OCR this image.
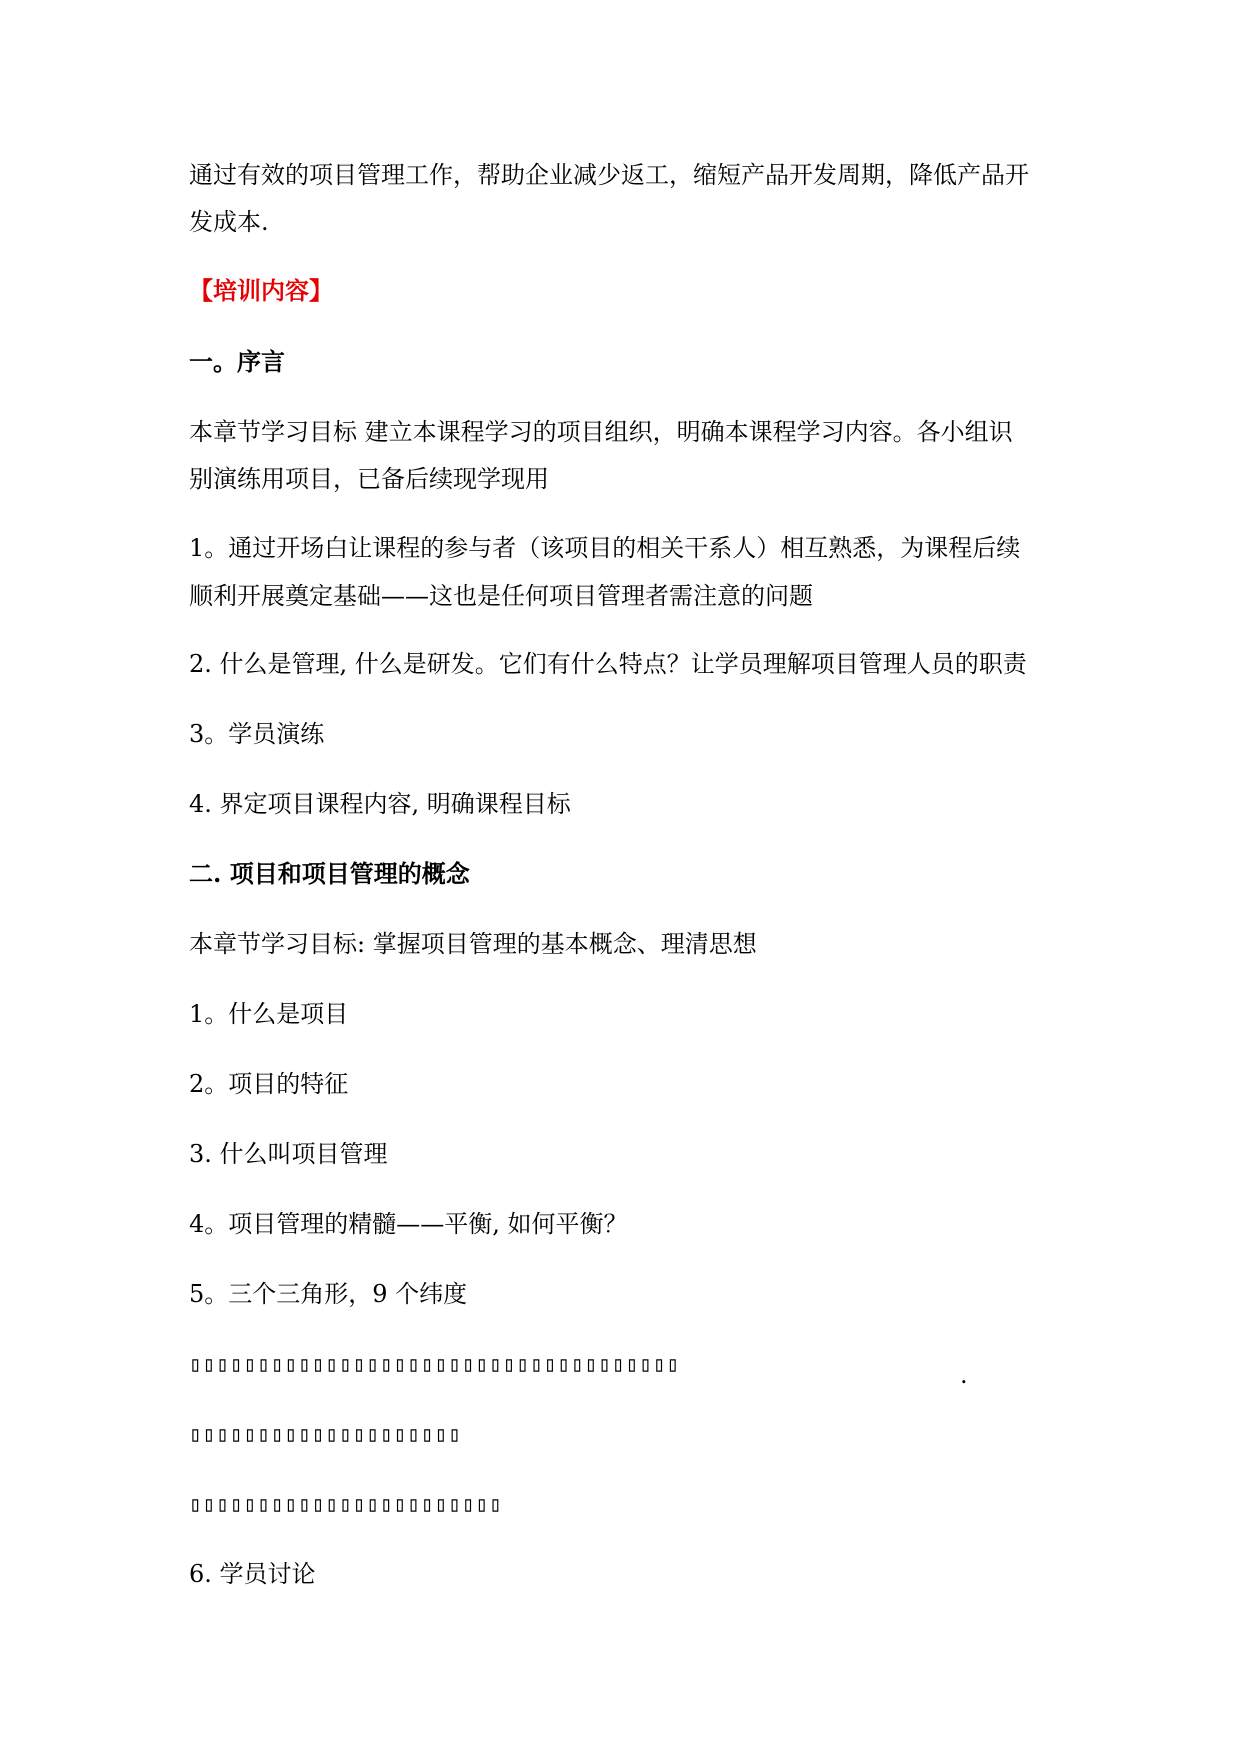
通过有效的项目管理工作，帮助企业减少返工，缩短产品开发周期，降低产品开
发成本.
【培训内容】
一。序言
本章节学习目标 建立本课程学习的项目组织，明确本课程学习内容。各小组识
别演练用项目，已备后续现学现用
1。通过开场白让课程的参与者（该项目的相关干系人）相互熟悉，为课程后续
顺利开展奠定基础——这也是任何项目管理者需注意的问题
2. 什么是管理, 什么是研发。它们有什么特点？让学员理解项目管理人员的职责
3。学员演练
4. 界定项目课程内容, 明确课程目标
二. 项目和项目管理的概念
本章节学习目标: 掌握项目管理的基本概念、理清思想
1。什么是项目
2。项目的特征
3. 什么叫项目管理
4。项目管理的精髓——平衡, 如何平衡？
5。三个三角形，9 个纬度
▯▯▯▯▯▯▯▯▯▯▯▯▯▯▯▯▯▯▯▯▯▯▯▯▯▯▯▯▯▯▯▯▯▯▯▯	.
▯▯▯▯▯▯▯▯▯▯▯▯▯▯▯▯▯▯▯▯
▯▯▯▯▯▯▯▯▯▯▯▯▯▯▯▯▯▯▯▯▯▯▯
6. 学员讨论
